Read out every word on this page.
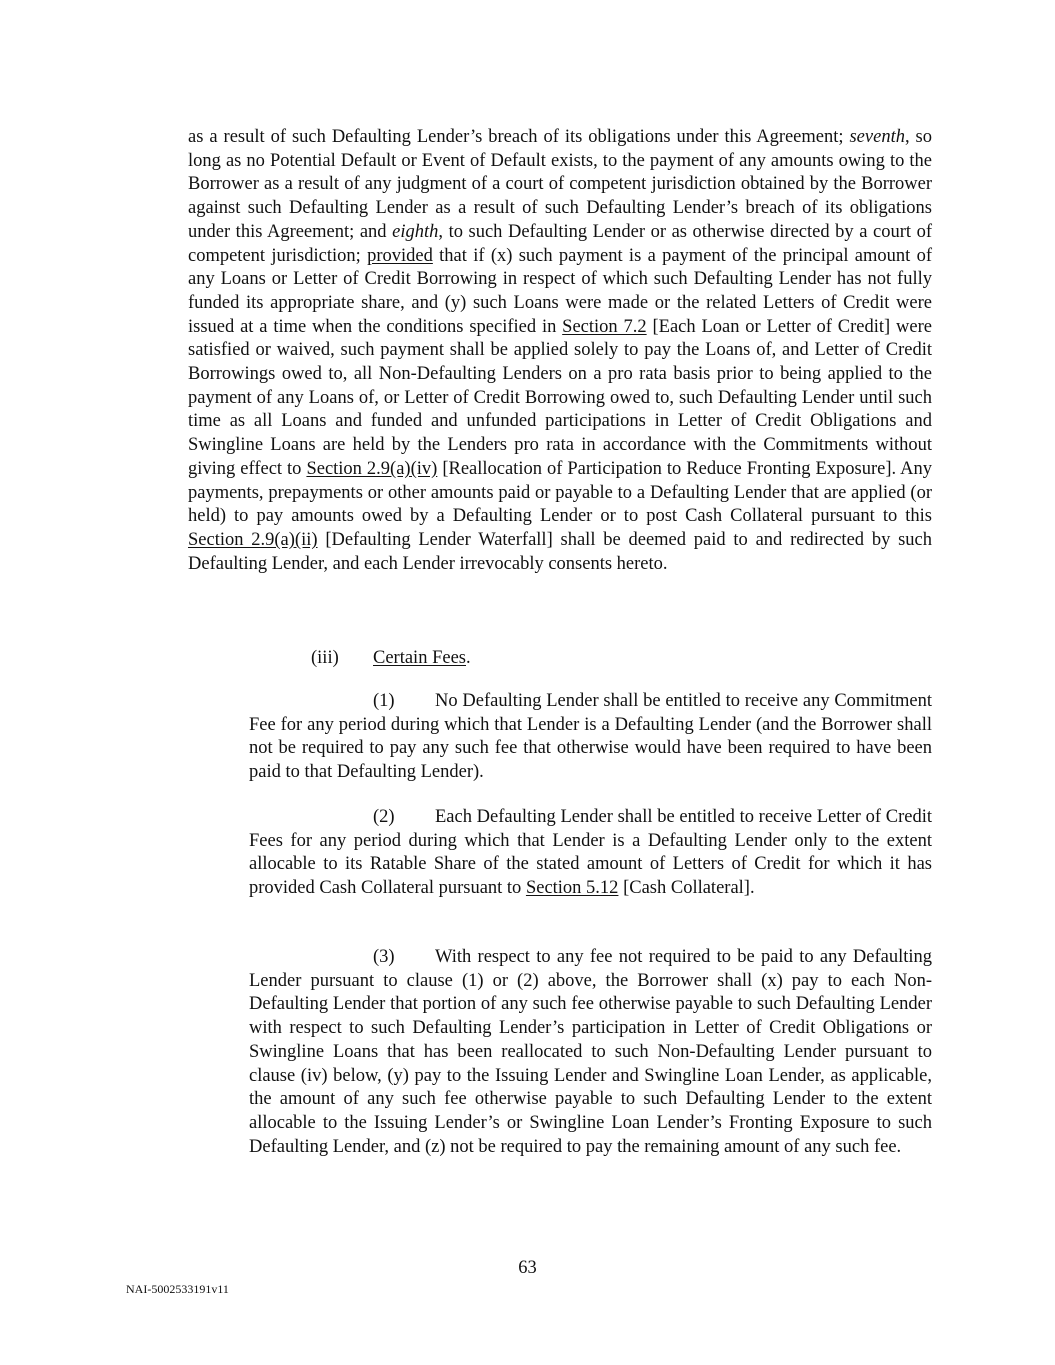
as a result of such Defaulting Lender’s breach of its obligations under this Agreement; seventh, so long as no Potential Default or Event of Default exists, to the payment of any amounts owing to the Borrower as a result of any judgment of a court of competent jurisdiction obtained by the Borrower against such Defaulting Lender as a result of such Defaulting Lender’s breach of its obligations under this Agreement; and eighth, to such Defaulting Lender or as otherwise directed by a court of competent jurisdiction; provided that if (x) such payment is a payment of the principal amount of any Loans or Letter of Credit Borrowing in respect of which such Defaulting Lender has not fully funded its appropriate share, and (y) such Loans were made or the related Letters of Credit were issued at a time when the conditions specified in Section 7.2 [Each Loan or Letter of Credit] were satisfied or waived, such payment shall be applied solely to pay the Loans of, and Letter of Credit Borrowings owed to, all Non-Defaulting Lenders on a pro rata basis prior to being applied to the payment of any Loans of, or Letter of Credit Borrowing owed to, such Defaulting Lender until such time as all Loans and funded and unfunded participations in Letter of Credit Obligations and Swingline Loans are held by the Lenders pro rata in accordance with the Commitments without giving effect to Section 2.9(a)(iv) [Reallocation of Participation to Reduce Fronting Exposure]. Any payments, prepayments or other amounts paid or payable to a Defaulting Lender that are applied (or held) to pay amounts owed by a Defaulting Lender or to post Cash Collateral pursuant to this Section 2.9(a)(ii) [Defaulting Lender Waterfall] shall be deemed paid to and redirected by such Defaulting Lender, and each Lender irrevocably consents hereto.

(iii) Certain Fees.

(1) No Defaulting Lender shall be entitled to receive any Commitment Fee for any period during which that Lender is a Defaulting Lender (and the Borrower shall not be required to pay any such fee that otherwise would have been required to have been paid to that Defaulting Lender).

(2) Each Defaulting Lender shall be entitled to receive Letter of Credit Fees for any period during which that Lender is a Defaulting Lender only to the extent allocable to its Ratable Share of the stated amount of Letters of Credit for which it has provided Cash Collateral pursuant to Section 5.12 [Cash Collateral].

(3) With respect to any fee not required to be paid to any Defaulting Lender pursuant to clause (1) or (2) above, the Borrower shall (x) pay to each Non-Defaulting Lender that portion of any such fee otherwise payable to such Defaulting Lender with respect to such Defaulting Lender’s participation in Letter of Credit Obligations or Swingline Loans that has been reallocated to such Non-Defaulting Lender pursuant to clause (iv) below, (y) pay to the Issuing Lender and Swingline Loan Lender, as applicable, the amount of any such fee otherwise payable to such Defaulting Lender to the extent allocable to the Issuing Lender’s or Swingline Loan Lender’s Fronting Exposure to such Defaulting Lender, and (z) not be required to pay the remaining amount of any such fee.

63
NAI-5002533191v11
